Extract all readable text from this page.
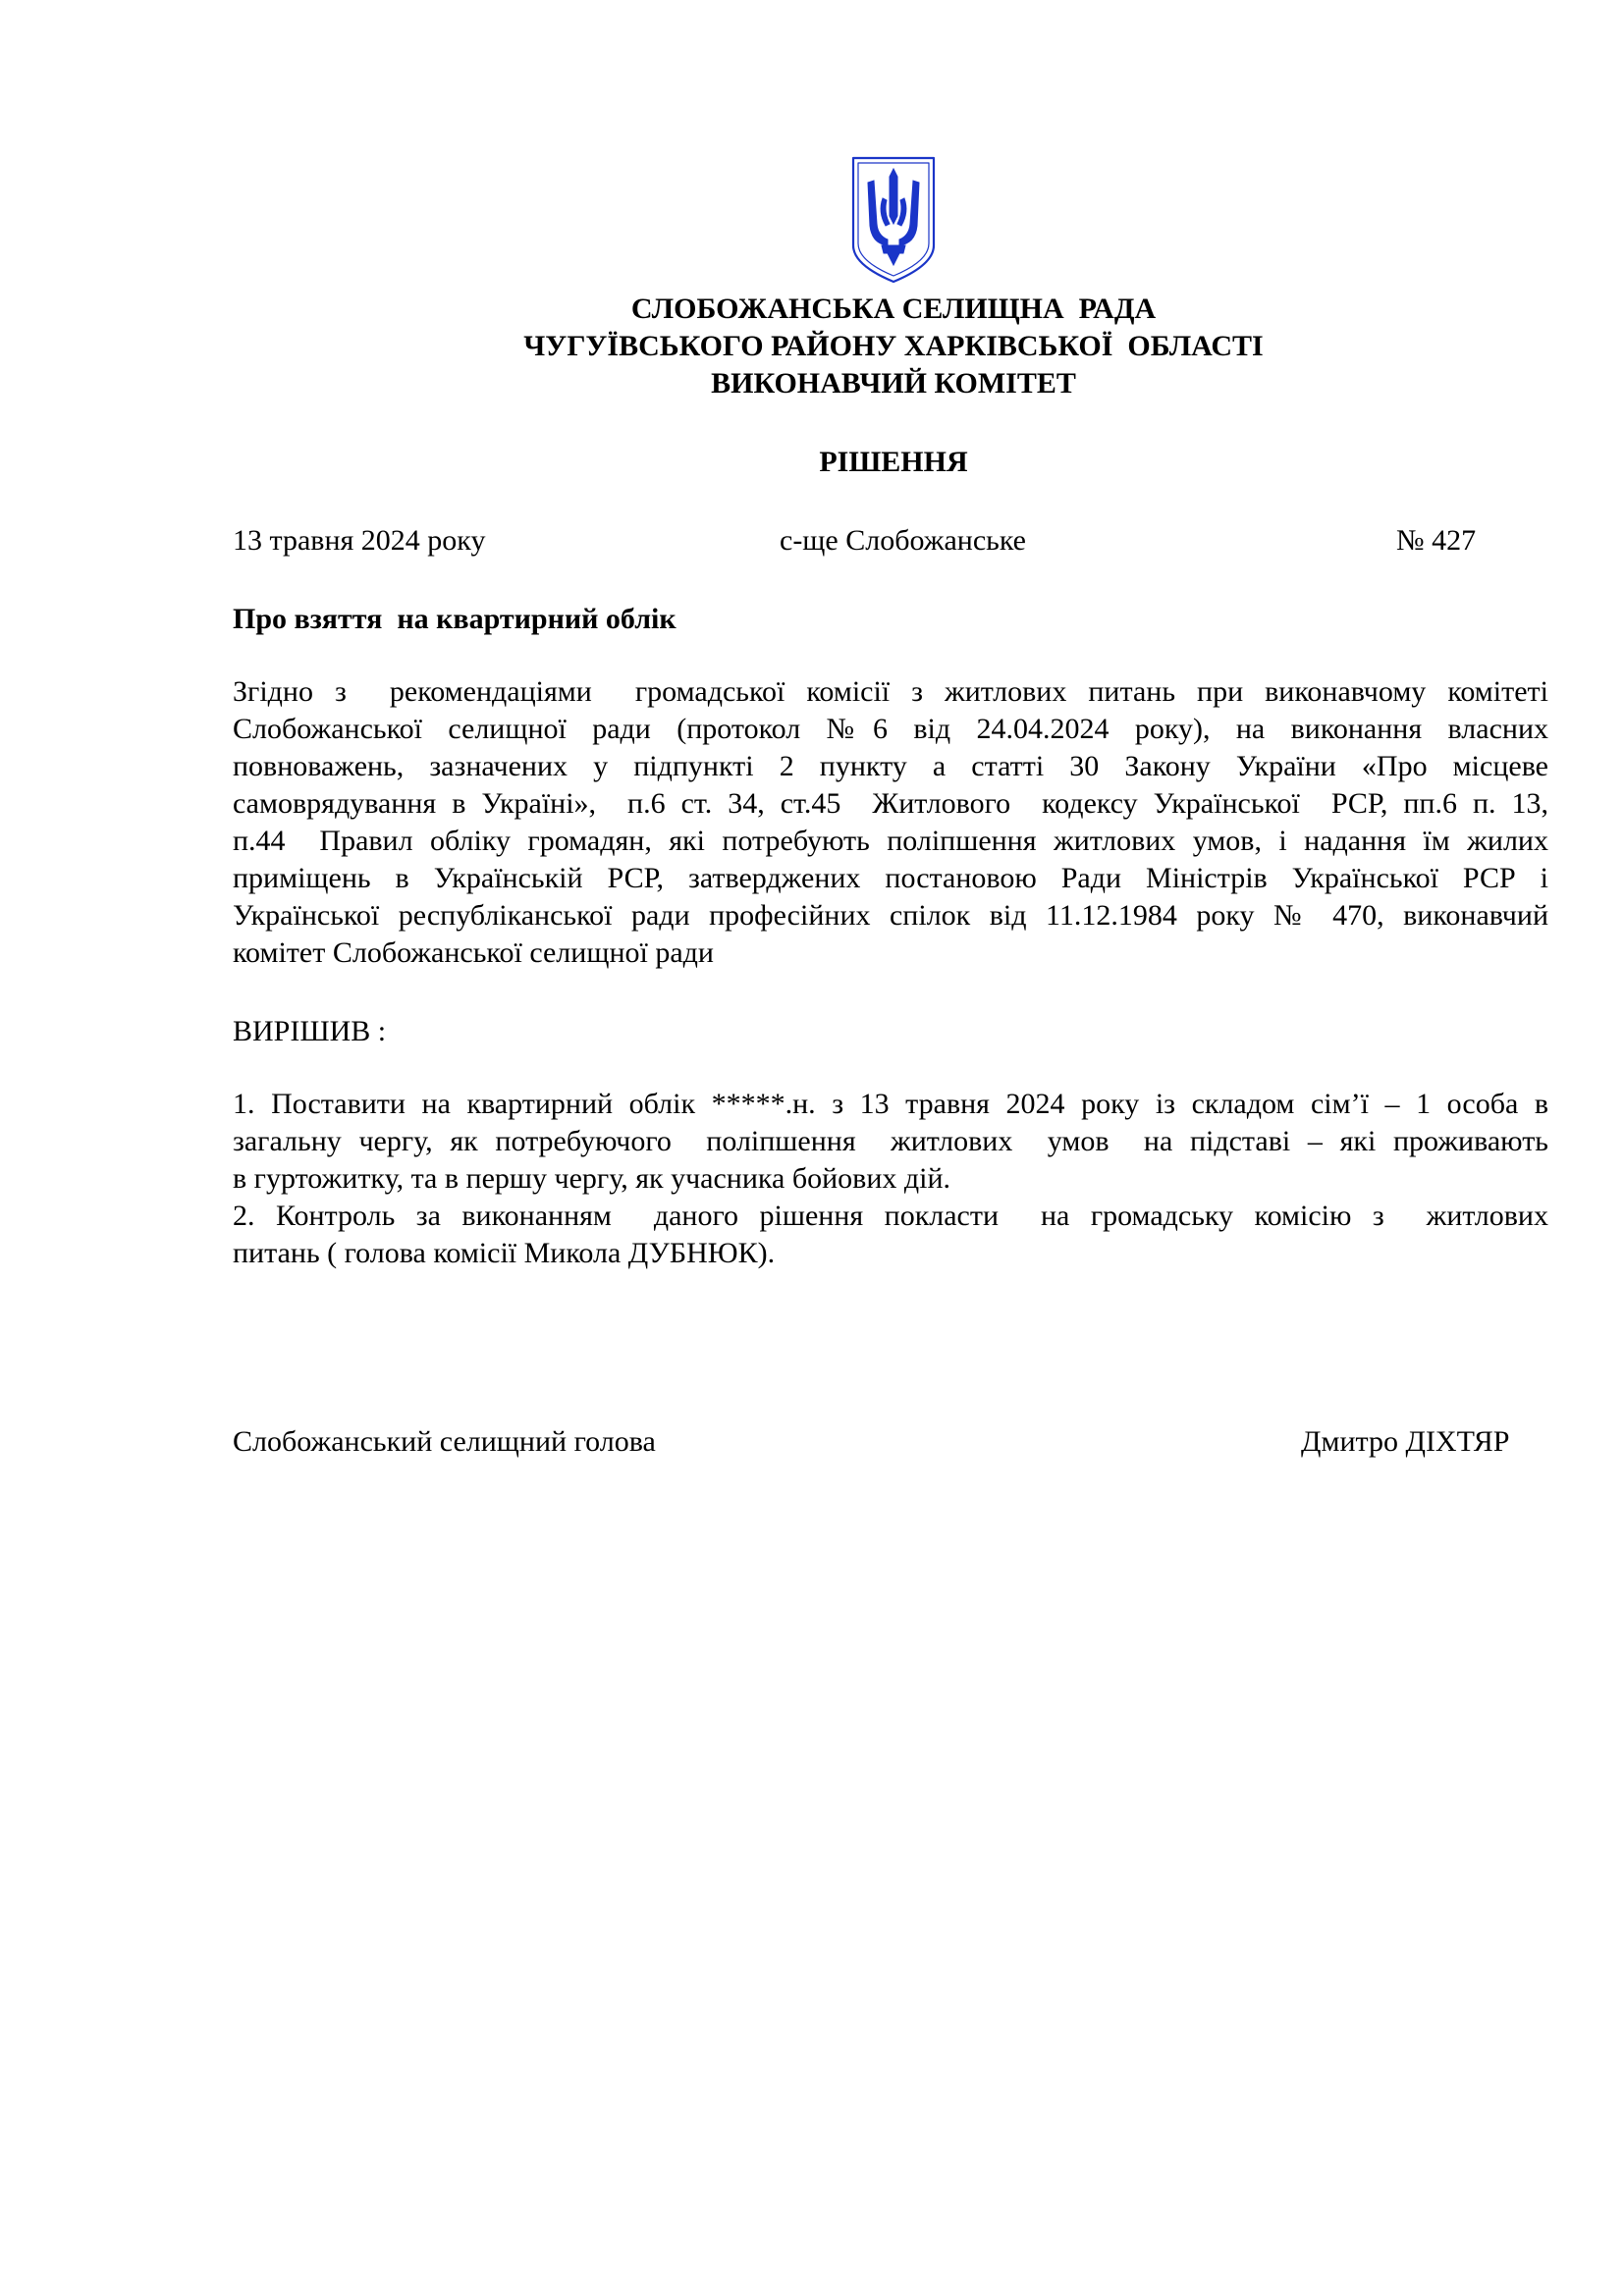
СЛОБОЖАНСЬКА СЕЛИЩНА  РАДА
ЧУГУЇВСЬКОГО РАЙОНУ ХАРКІВСЬКОЇ  ОБЛАСТІ
ВИКОНАВЧИЙ КОМІТЕТ
РІШЕННЯ
13 травня 2024 року	с-ще Слобожанське	№ 427
Про взяття  на квартирний облік
Згідно з  рекомендаціями  громадської комісії з житлових питань при виконавчому комітеті
Слобожанської селищної ради (протокол №6 від 24.04.2024 року), на виконання власних
повноважень, зазначених у підпункті 2 пункту а статті 30 Закону України «Про місцеве
самоврядування в Україні»,  п.6 ст. 34, ст.45  Житлового  кодексу Української  РСР, пп.6 п. 13,
п.44  Правил обліку громадян, які потребують поліпшення житлових умов, і надання їм жилих
приміщень в Українській РСР, затверджених постановою Ради Міністрів Української РСР і
Української республіканської ради професійних спілок від 11.12.1984 року № 470, виконавчий
комітет Слобожанської селищної ради
ВИРІШИВ :
1. Поставити на квартирний облік *****.н. з 13 травня 2024 року із складом сім’ї – 1 особа в
загальну чергу, як потребуючого  поліпшення  житлових  умов  на підставі – які проживають
в гуртожитку, та в першу чергу, як учасника бойових дій.
2. Контроль за виконанням  даного рішення покласти  на громадську комісію з  житлових
питань ( голова комісії Микола ДУБНЮК).
Слобожанський селищний голова	Дмитро ДІХТЯР
